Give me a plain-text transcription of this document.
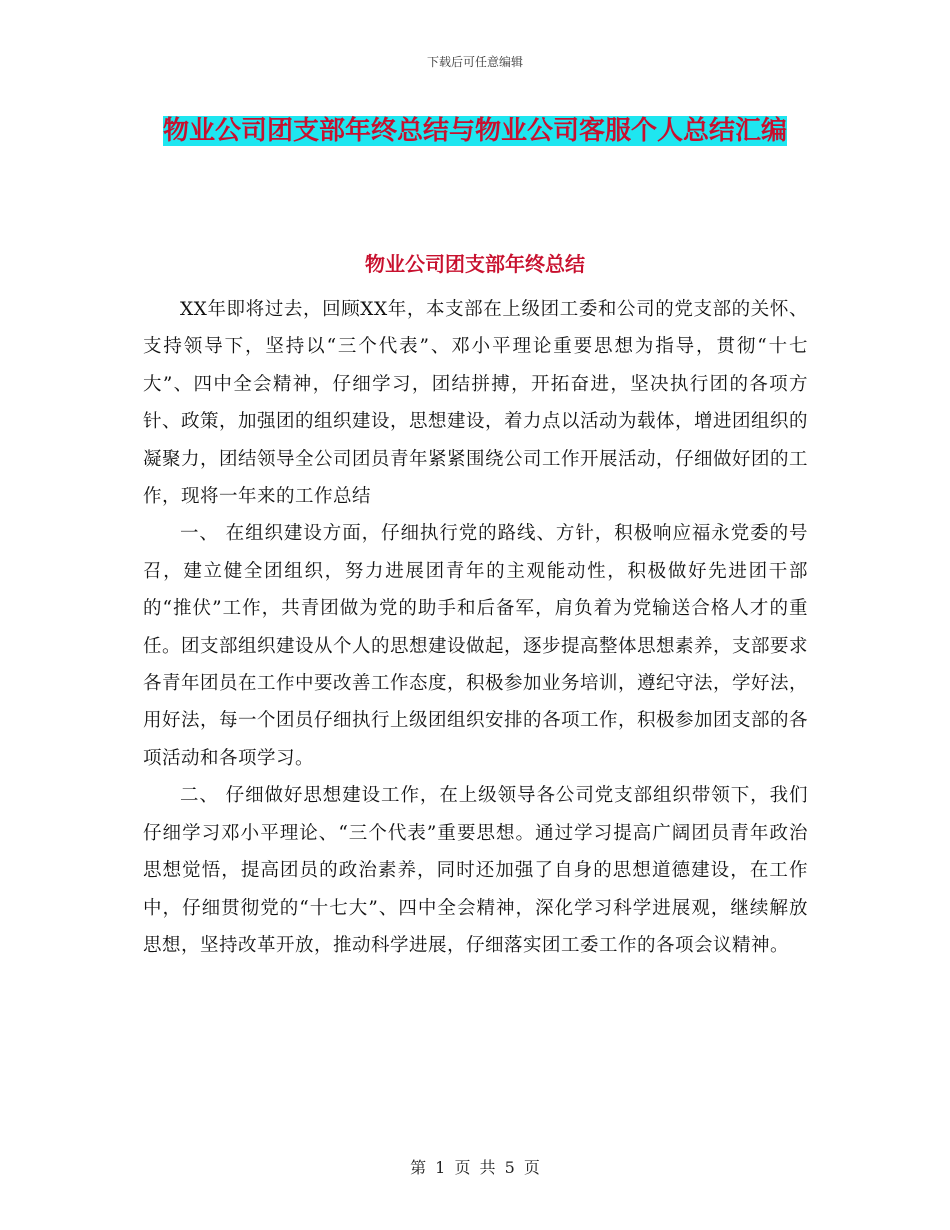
下载后可任意编辑
物业公司团支部年终总结与物业公司客服个人总结汇编
物业公司团支部年终总结

XX年即将过去，回顾XX年，本支部在上级团工委和公司的党支部的关怀、支持领导下，坚持以“三个代表”、邓小平理论重要思想为指导，贯彻“十七大”、四中全会精神，仔细学习，团结拼搏，开拓奋进，坚决执行团的各项方针、政策，加强团的组织建设，思想建设，着力点以活动为载体，增进团组织的凝聚力，团结领导全公司团员青年紧紧围绕公司工作开展活动，仔细做好团的工作，现将一年来的工作总结

一、 在组织建设方面，仔细执行党的路线、方针，积极响应福永党委的号召，建立健全团组织，努力进展团青年的主观能动性，积极做好先进团干部的“推伏”工作，共青团做为党的助手和后备军，肩负着为党输送合格人才的重任。团支部组织建设从个人的思想建设做起，逐步提高整体思想素养，支部要求各青年团员在工作中要改善工作态度，积极参加业务培训，遵纪守法，学好法，用好法，每一个团员仔细执行上级团组织安排的各项工作，积极参加团支部的各项活动和各项学习。

二、 仔细做好思想建设工作，在上级领导各公司党支部组织带领下，我们仔细学习邓小平理论、“三个代表”重要思想。通过学习提高广阔团员青年政治思想觉悟，提高团员的政治素养，同时还加强了自身的思想道德建设，在工作中，仔细贯彻党的“十七大”、四中全会精神，深化学习科学进展观，继续解放思想，坚持改革开放，推动科学进展，仔细落实团工委工作的各项会议精神。

第 1 页 共 5 页
